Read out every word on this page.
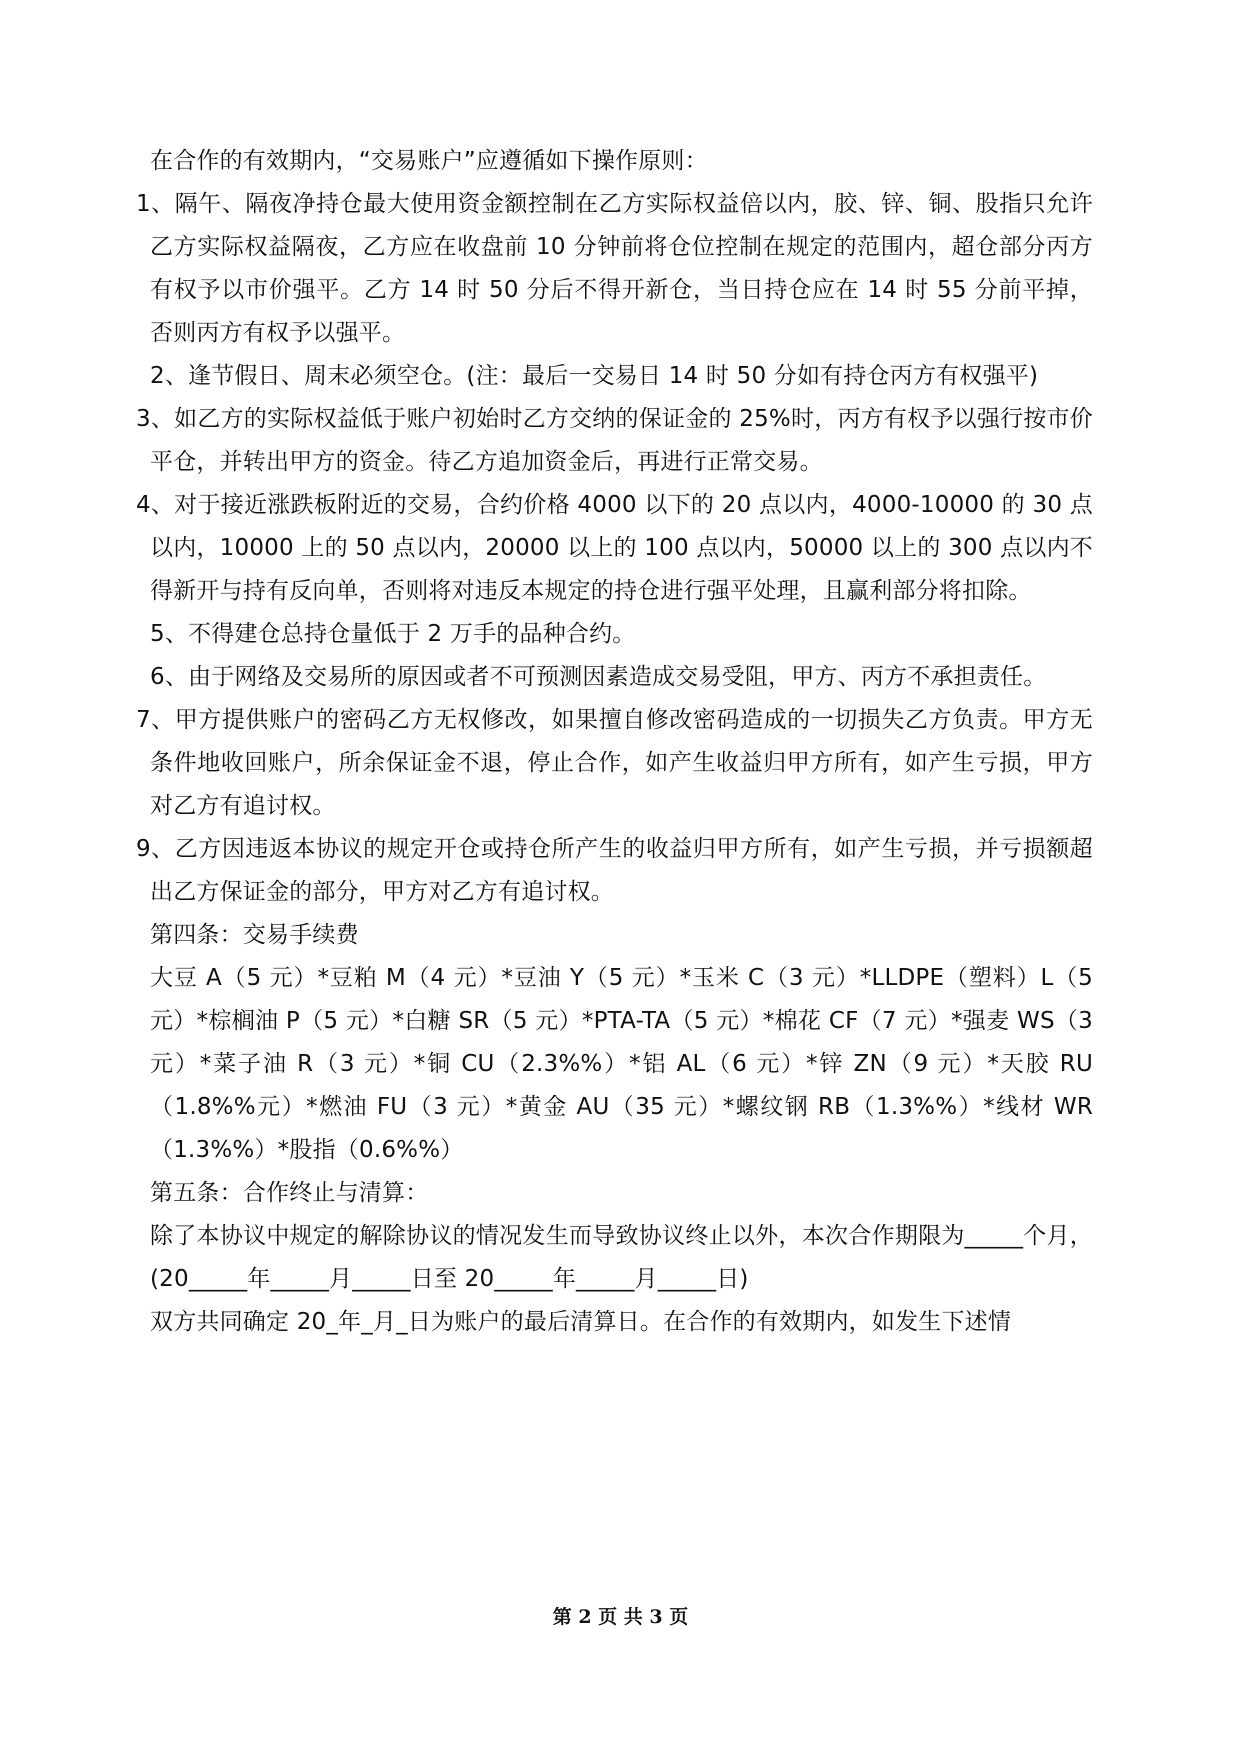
在合作的有效期内，“交易账户”应遵循如下操作原则：

1、隔午、隔夜净持仓最大使用资金额控制在乙方实际权益倍以内，胶、锌、铜、股指只允许乙方实际权益隔夜，乙方应在收盘前 10 分钟前将仓位控制在规定的范围内，超仓部分丙方有权予以市价强平。乙方 14 时 50 分后不得开新仓，当日持仓应在 14 时 55 分前平掉，否则丙方有权予以强平。

2、逢节假日、周末必须空仓。(注：最后一交易日 14 时 50 分如有持仓丙方有权强平)

3、如乙方的实际权益低于账户初始时乙方交纳的保证金的 25%时，丙方有权予以强行按市价平仓，并转出甲方的资金。待乙方追加资金后，再进行正常交易。

4、对于接近涨跌板附近的交易，合约价格 4000 以下的 20 点以内，4000-10000 的 30 点以内，10000 上的 50 点以内，20000 以上的 100 点以内，50000 以上的 300 点以内不得新开与持有反向单，否则将对违反本规定的持仓进行强平处理，且赢利部分将扣除。

5、不得建仓总持仓量低于 2 万手的品种合约。

6、由于网络及交易所的原因或者不可预测因素造成交易受阻，甲方、丙方不承担责任。

7、甲方提供账户的密码乙方无权修改，如果擅自修改密码造成的一切损失乙方负责。甲方无条件地收回账户，所余保证金不退，停止合作，如产生收益归甲方所有，如产生亏损，甲方对乙方有追讨权。

9、乙方因违返本协议的规定开仓或持仓所产生的收益归甲方所有，如产生亏损，并亏损额超出乙方保证金的部分，甲方对乙方有追讨权。

第四条：交易手续费

大豆 A（5 元）*豆粕 M（4 元）*豆油 Y（5 元）*玉米 C（3 元）*LLDPE（塑料）L（5 元）*棕榈油 P（5 元）*白糖 SR（5 元）*PTA-TA（5 元）*棉花 CF（7 元）*强麦 WS（3 元）*菜子油 R（3 元）*铜 CU（2.3%%）*铝 AL（6 元）*锌 ZN（9 元）*天胶 RU（1.8%%元）*燃油 FU（3 元）*黄金 AU（35 元）*螺纹钢 RB（1.3%%）*线材 WR（1.3%%）*股指（0.6%%）

第五条：合作终止与清算：

除了本协议中规定的解除协议的情况发生而导致协议终止以外，本次合作期限为_____个月，(20_____年_____月_____日至 20_____年_____月_____日)

双方共同确定 20_年_月_日为账户的最后清算日。在合作的有效期内，如发生下述情

第 2 页 共 3 页
